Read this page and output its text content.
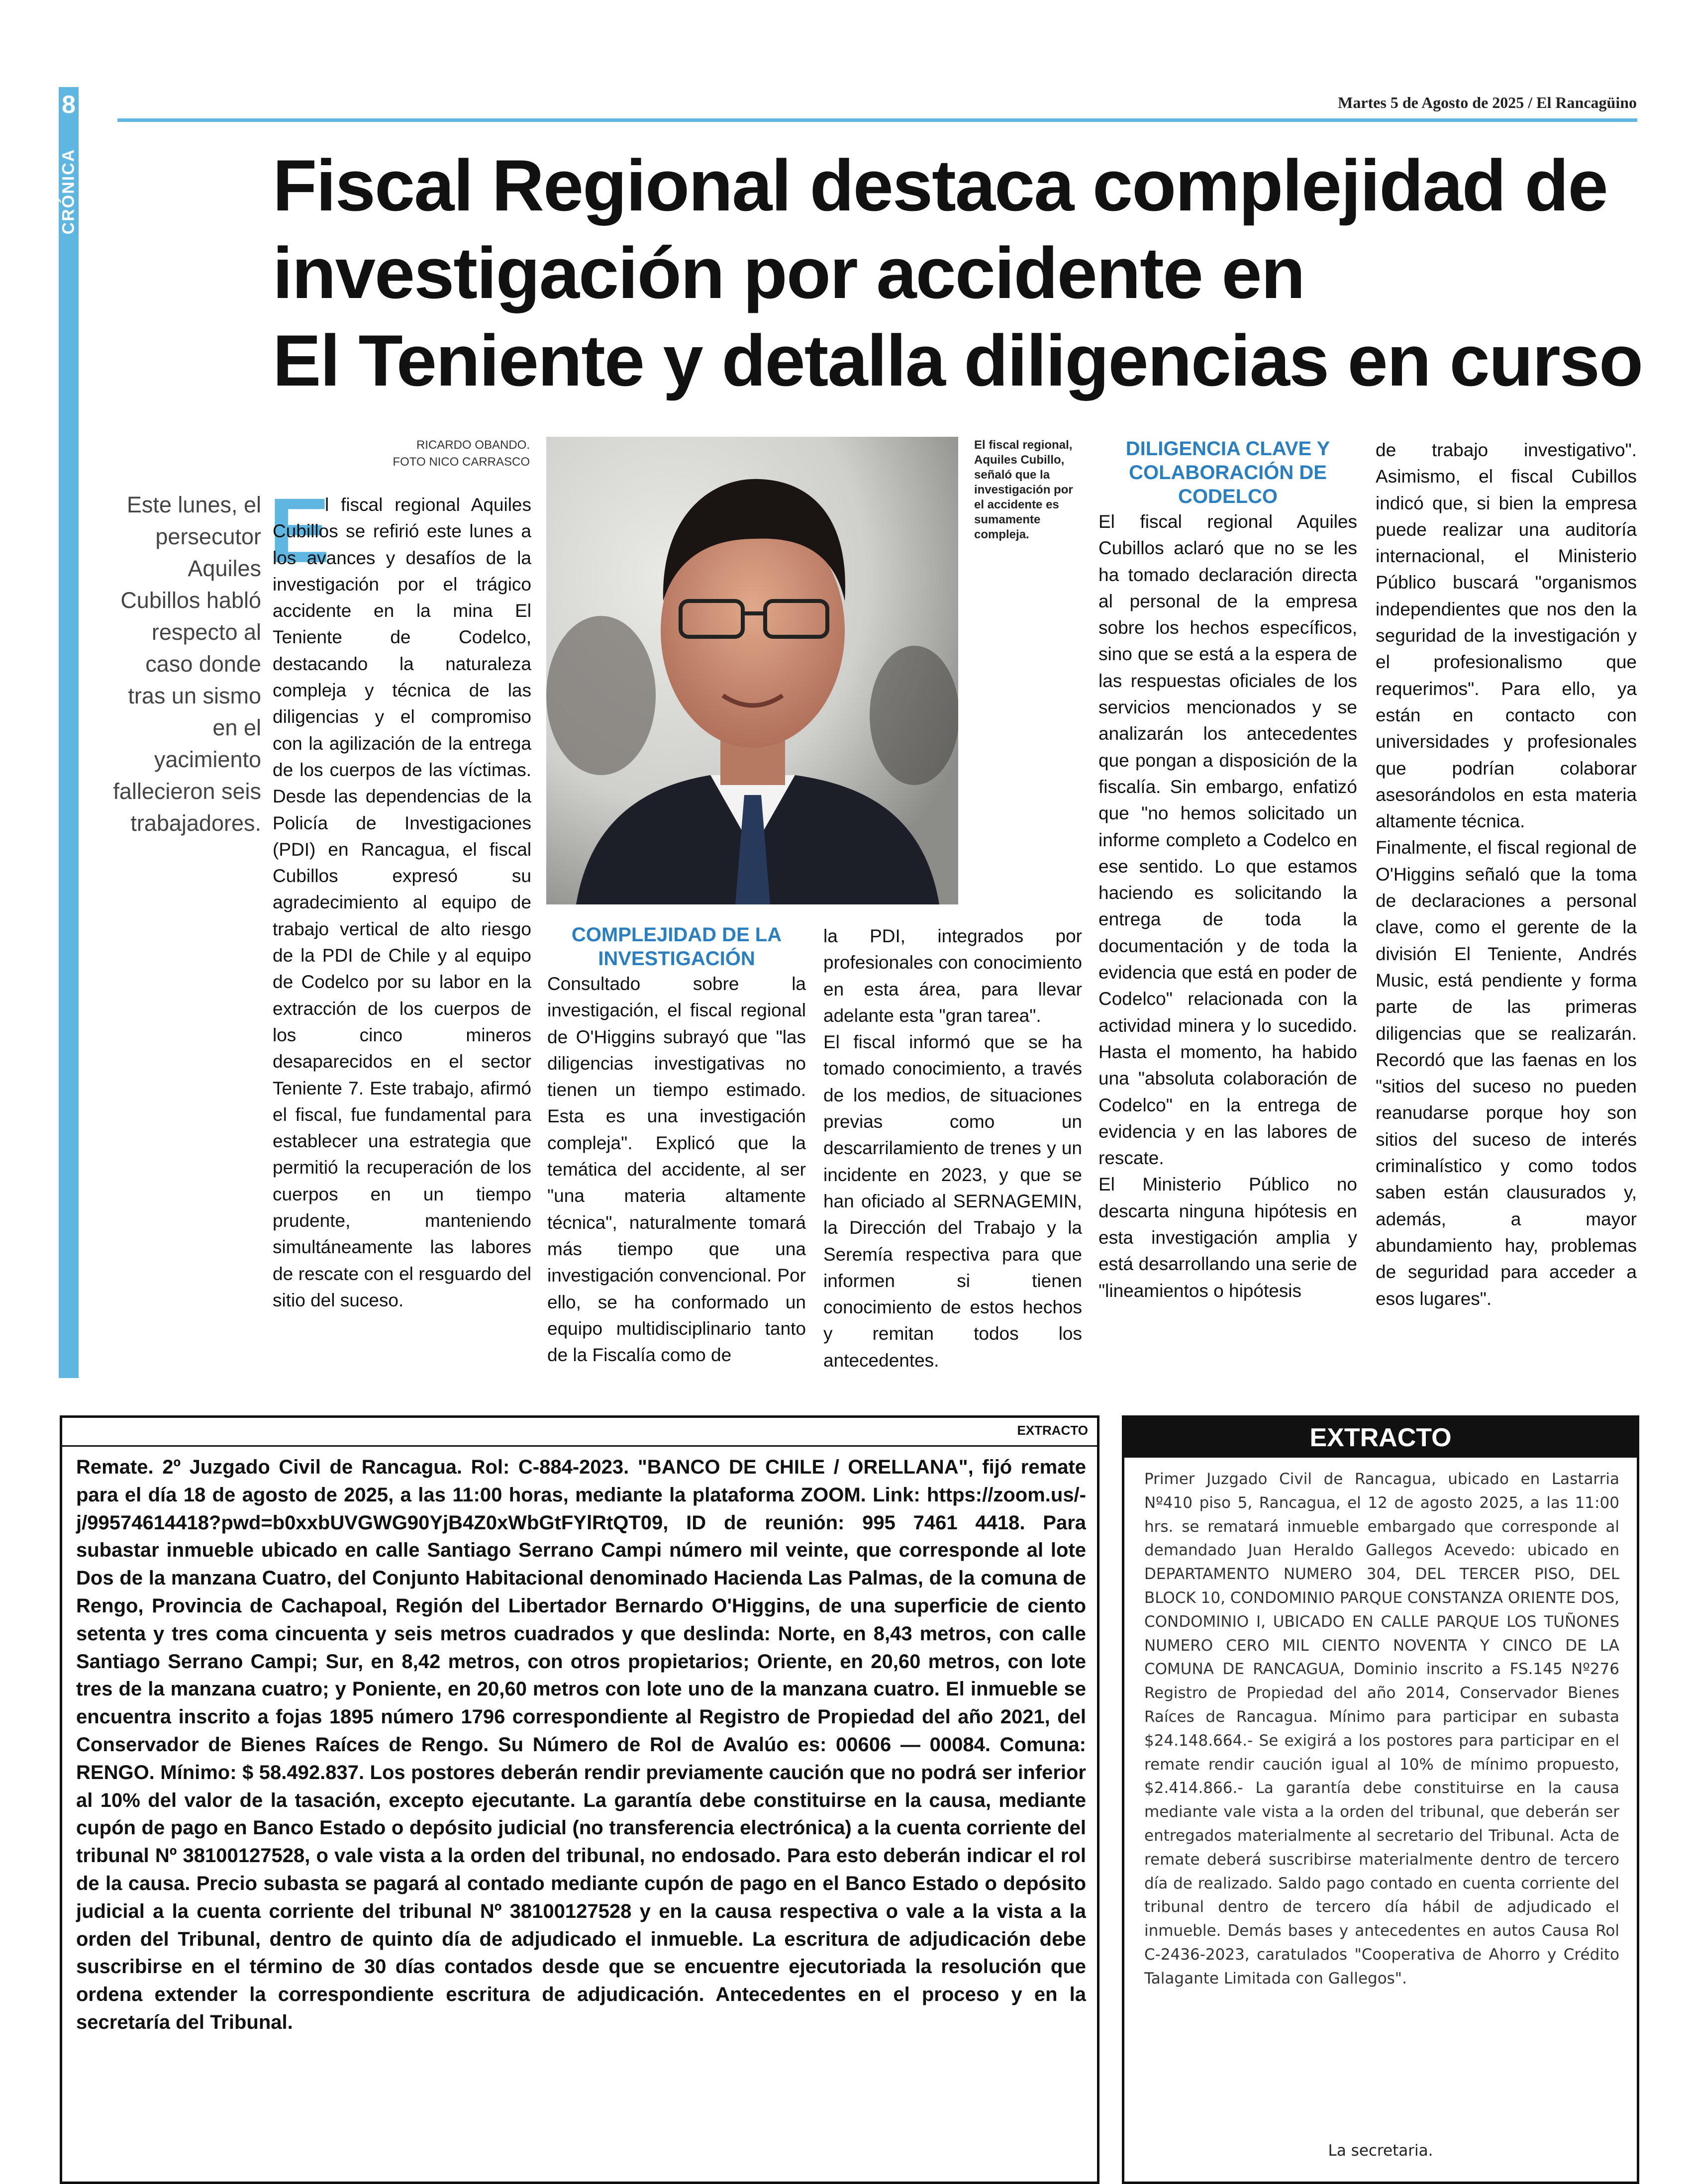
8
CRÓNICA
Martes 5 de Agosto de 2025 / El Rancagüino
Fiscal Regional destaca complejidad de
investigación por accidente en
El Teniente y detalla diligencias en curso
RICARDO OBANDO.
FOTO NICO CARRASCO
Este lunes, el persecutor Aquiles Cubillos habló respecto al caso donde tras un sismo en el yacimiento fallecieron seis trabajadores.
El fiscal regional, Aquiles Cubillo, señaló que la investigación por el accidente es sumamente compleja.
E

l fiscal regional Aquiles Cubillos se refirió este lunes a los avances y desafíos de la investigación por el trágico accidente en la mina El Teniente de Codelco, destacando la naturaleza compleja y técnica de las diligencias y el compromiso con la agilización de la entrega de los cuerpos de las víctimas. Desde las dependencias de la Policía de Investigaciones (PDI) en Rancagua, el fiscal Cubillos expresó su agradecimiento al equipo de trabajo vertical de alto riesgo de la PDI de Chile y al equipo de Codelco por su labor en la extracción de los cuerpos de los cinco mineros desaparecidos en el sector Teniente 7. Este trabajo, afirmó el fiscal, fue fundamental para establecer una estrategia que permitió la recuperación de los cuerpos en un tiempo prudente, manteniendo simultáneamente las labores de rescate con el resguardo del sitio del suceso.

COMPLEJIDAD DE LA INVESTIGACIÓN

Consultado sobre la investigación, el fiscal regional de O'Higgins subrayó que "las diligencias investigativas no tienen un tiempo estimado. Esta es una investigación compleja". Explicó que la temática del accidente, al ser "una materia altamente técnica", naturalmente tomará más tiempo que una investigación convencional. Por ello, se ha conformado un equipo multidisciplinario tanto de la Fiscalía como de

la PDI, integrados por profesionales con conocimiento en esta área, para llevar adelante esta "gran tarea".

El fiscal informó que se ha tomado conocimiento, a través de los medios, de situaciones previas como un descarrilamiento de trenes y un incidente en 2023, y que se han oficiado al SERNAGEMIN, la Dirección del Trabajo y la Seremía respectiva para que informen si tienen conocimiento de estos hechos y remitan todos los antecedentes.

DILIGENCIA CLAVE Y COLABORACIÓN DE CODELCO

El fiscal regional Aquiles Cubillos aclaró que no se les ha tomado declaración directa al personal de la empresa sobre los hechos específicos, sino que se está a la espera de las respuestas oficiales de los servicios mencionados y se analizarán los antecedentes que pongan a disposición de la fiscalía. Sin embargo, enfatizó que "no hemos solicitado un informe completo a Codelco en ese sentido. Lo que estamos haciendo es solicitando la entrega de toda la documentación y de toda la evidencia que está en poder de Codelco" relacionada con la actividad minera y lo sucedido. Hasta el momento, ha habido una "absoluta colaboración de Codelco" en la entrega de evidencia y en las labores de rescate.

El Ministerio Público no descarta ninguna hipótesis en esta investigación amplia y está desarrollando una serie de "lineamientos o hipótesis

de trabajo investigativo". Asimismo, el fiscal Cubillos indicó que, si bien la empresa puede realizar una auditoría internacional, el Ministerio Público buscará "organismos independientes que nos den la seguridad de la investigación y el profesionalismo que requerimos". Para ello, ya están en contacto con universidades y profesionales que podrían colaborar asesorándolos en esta materia altamente técnica.

Finalmente, el fiscal regional de O'Higgins señaló que la toma de declaraciones a personal clave, como el gerente de la división El Teniente, Andrés Music, está pendiente y forma parte de las primeras diligencias que se realizarán. Recordó que las faenas en los "sitios del suceso no pueden reanudarse porque hoy son sitios del suceso de interés criminalístico y como todos saben están clausurados y, además, a mayor abundamiento hay, problemas de seguridad para acceder a esos lugares".

EXTRACTO
Remate. 2º Juzgado Civil de Rancagua. Rol: C-884-2023. "BANCO DE CHILE / ORELLANA", fijó remate para el día 18 de agosto de 2025, a las 11:00 horas, mediante la plataforma ZOOM. Link: https://zoom.us/-j/99574614418?pwd=b0xxbUVGWG90YjB4Z0xWbGtFYlRtQT09, ID de reunión: 995 7461 4418. Para subastar inmueble ubicado en calle Santiago Serrano Campi número mil veinte, que corresponde al lote Dos de la manzana Cuatro, del Conjunto Habitacional denominado Hacienda Las Palmas, de la comuna de Rengo, Provincia de Cachapoal, Región del Libertador Bernardo O'Higgins, de una superficie de ciento setenta y tres coma cincuenta y seis metros cuadrados y que deslinda: Norte, en 8,43 metros, con calle Santiago Serrano Campi; Sur, en 8,42 metros, con otros propietarios; Oriente, en 20,60 metros, con lote tres de la manzana cuatro; y Poniente, en 20,60 metros con lote uno de la manzana cuatro. El inmueble se encuentra inscrito a fojas 1895 número 1796 correspondiente al Registro de Propiedad del año 2021, del Conservador de Bienes Raíces de Rengo. Su Número de Rol de Avalúo es: 00606 — 00084. Comuna: RENGO. Mínimo: $ 58.492.837. Los postores deberán rendir previamente caución que no podrá ser inferior al 10% del valor de la tasación, excepto ejecutante. La garantía debe constituirse en la causa, mediante cupón de pago en Banco Estado o depósito judicial (no transferencia electrónica) a la cuenta corriente del tribunal Nº 38100127528, o vale vista a la orden del tribunal, no endosado. Para esto deberán indicar el rol de la causa. Precio subasta se pagará al contado mediante cupón de pago en el Banco Estado o depósito judicial a la cuenta corriente del tribunal Nº 38100127528 y en la causa respectiva o vale a la vista a la orden del Tribunal, dentro de quinto día de adjudicado el inmueble. La escritura de adjudicación debe suscribirse en el término de 30 días contados desde que se encuentre ejecutoriada la resolución que ordena extender la correspondiente escritura de adjudicación. Antecedentes en el proceso y en la secretaría del Tribunal.
EXTRACTO
Primer Juzgado Civil de Rancagua, ubicado en Lastarria Nº410 piso 5, Rancagua, el 12 de agosto 2025, a las 11:00 hrs. se rematará inmueble embargado que corresponde al demandado Juan Heraldo Gallegos Acevedo: ubicado en DEPARTAMENTO NUMERO 304, DEL TERCER PISO, DEL BLOCK 10, CONDOMINIO PARQUE CONSTANZA ORIENTE DOS, CONDOMINIO I, UBICADO EN CALLE PARQUE LOS TUÑONES NUMERO CERO MIL CIENTO NOVENTA Y CINCO DE LA COMUNA DE RANCAGUA, Dominio inscrito a FS.145 Nº276 Registro de Propiedad del año 2014, Conservador Bienes Raíces de Rancagua. Mínimo para participar en subasta $24.148.664.- Se exigirá a los postores para participar en el remate rendir caución igual al 10% de mínimo propuesto, $2.414.866.- La garantía debe constituirse en la causa mediante vale vista a la orden del tribunal, que deberán ser entregados materialmente al secretario del Tribunal. Acta de remate deberá suscribirse materialmente dentro de tercero día de realizado. Saldo pago contado en cuenta corriente del tribunal dentro de tercero día hábil de adjudicado el inmueble. Demás bases y antecedentes en autos Causa Rol C-2436-2023, caratulados "Cooperativa de Ahorro y Crédito Talagante Limitada con Gallegos".
La secretaria.
